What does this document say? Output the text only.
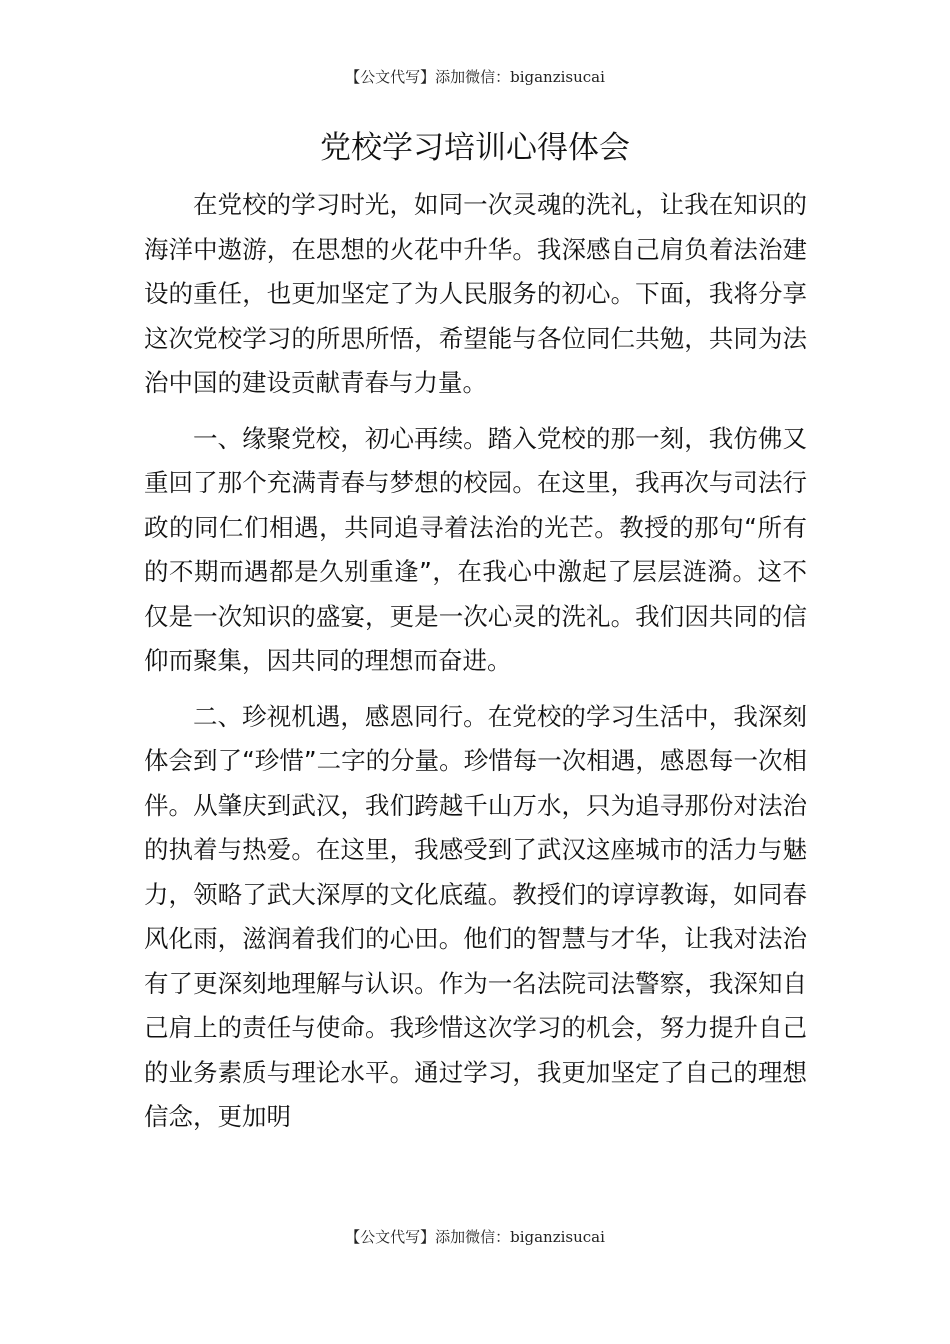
【公文代写】添加微信：biganzisucai
党校学习培训心得体会

在党校的学习时光，如同一次灵魂的洗礼，让我在知识的海洋中遨游，在思想的火花中升华。我深感自己肩负着法治建设的重任，也更加坚定了为人民服务的初心。下面，我将分享这次党校学习的所思所悟，希望能与各位同仁共勉，共同为法治中国的建设贡献青春与力量。

一、缘聚党校，初心再续。踏入党校的那一刻，我仿佛又重回了那个充满青春与梦想的校园。在这里，我再次与司法行政的同仁们相遇，共同追寻着法治的光芒。教授的那句“所有的不期而遇都是久别重逢”，在我心中激起了层层涟漪。这不仅是一次知识的盛宴，更是一次心灵的洗礼。我们因共同的信仰而聚集，因共同的理想而奋进。

二、珍视机遇，感恩同行。在党校的学习生活中，我深刻体会到了“珍惜”二字的分量。珍惜每一次相遇，感恩每一次相伴。从肇庆到武汉，我们跨越千山万水，只为追寻那份对法治的执着与热爱。在这里，我感受到了武汉这座城市的活力与魅力，领略了武大深厚的文化底蕴。教授们的谆谆教诲，如同春风化雨，滋润着我们的心田。他们的智慧与才华，让我对法治有了更深刻地理解与认识。作为一名法院司法警察，我深知自己肩上的责任与使命。我珍惜这次学习的机会，努力提升自己的业务素质与理论水平。通过学习，我更加坚定了自己的理想信念，更加明

【公文代写】添加微信：biganzisucai
